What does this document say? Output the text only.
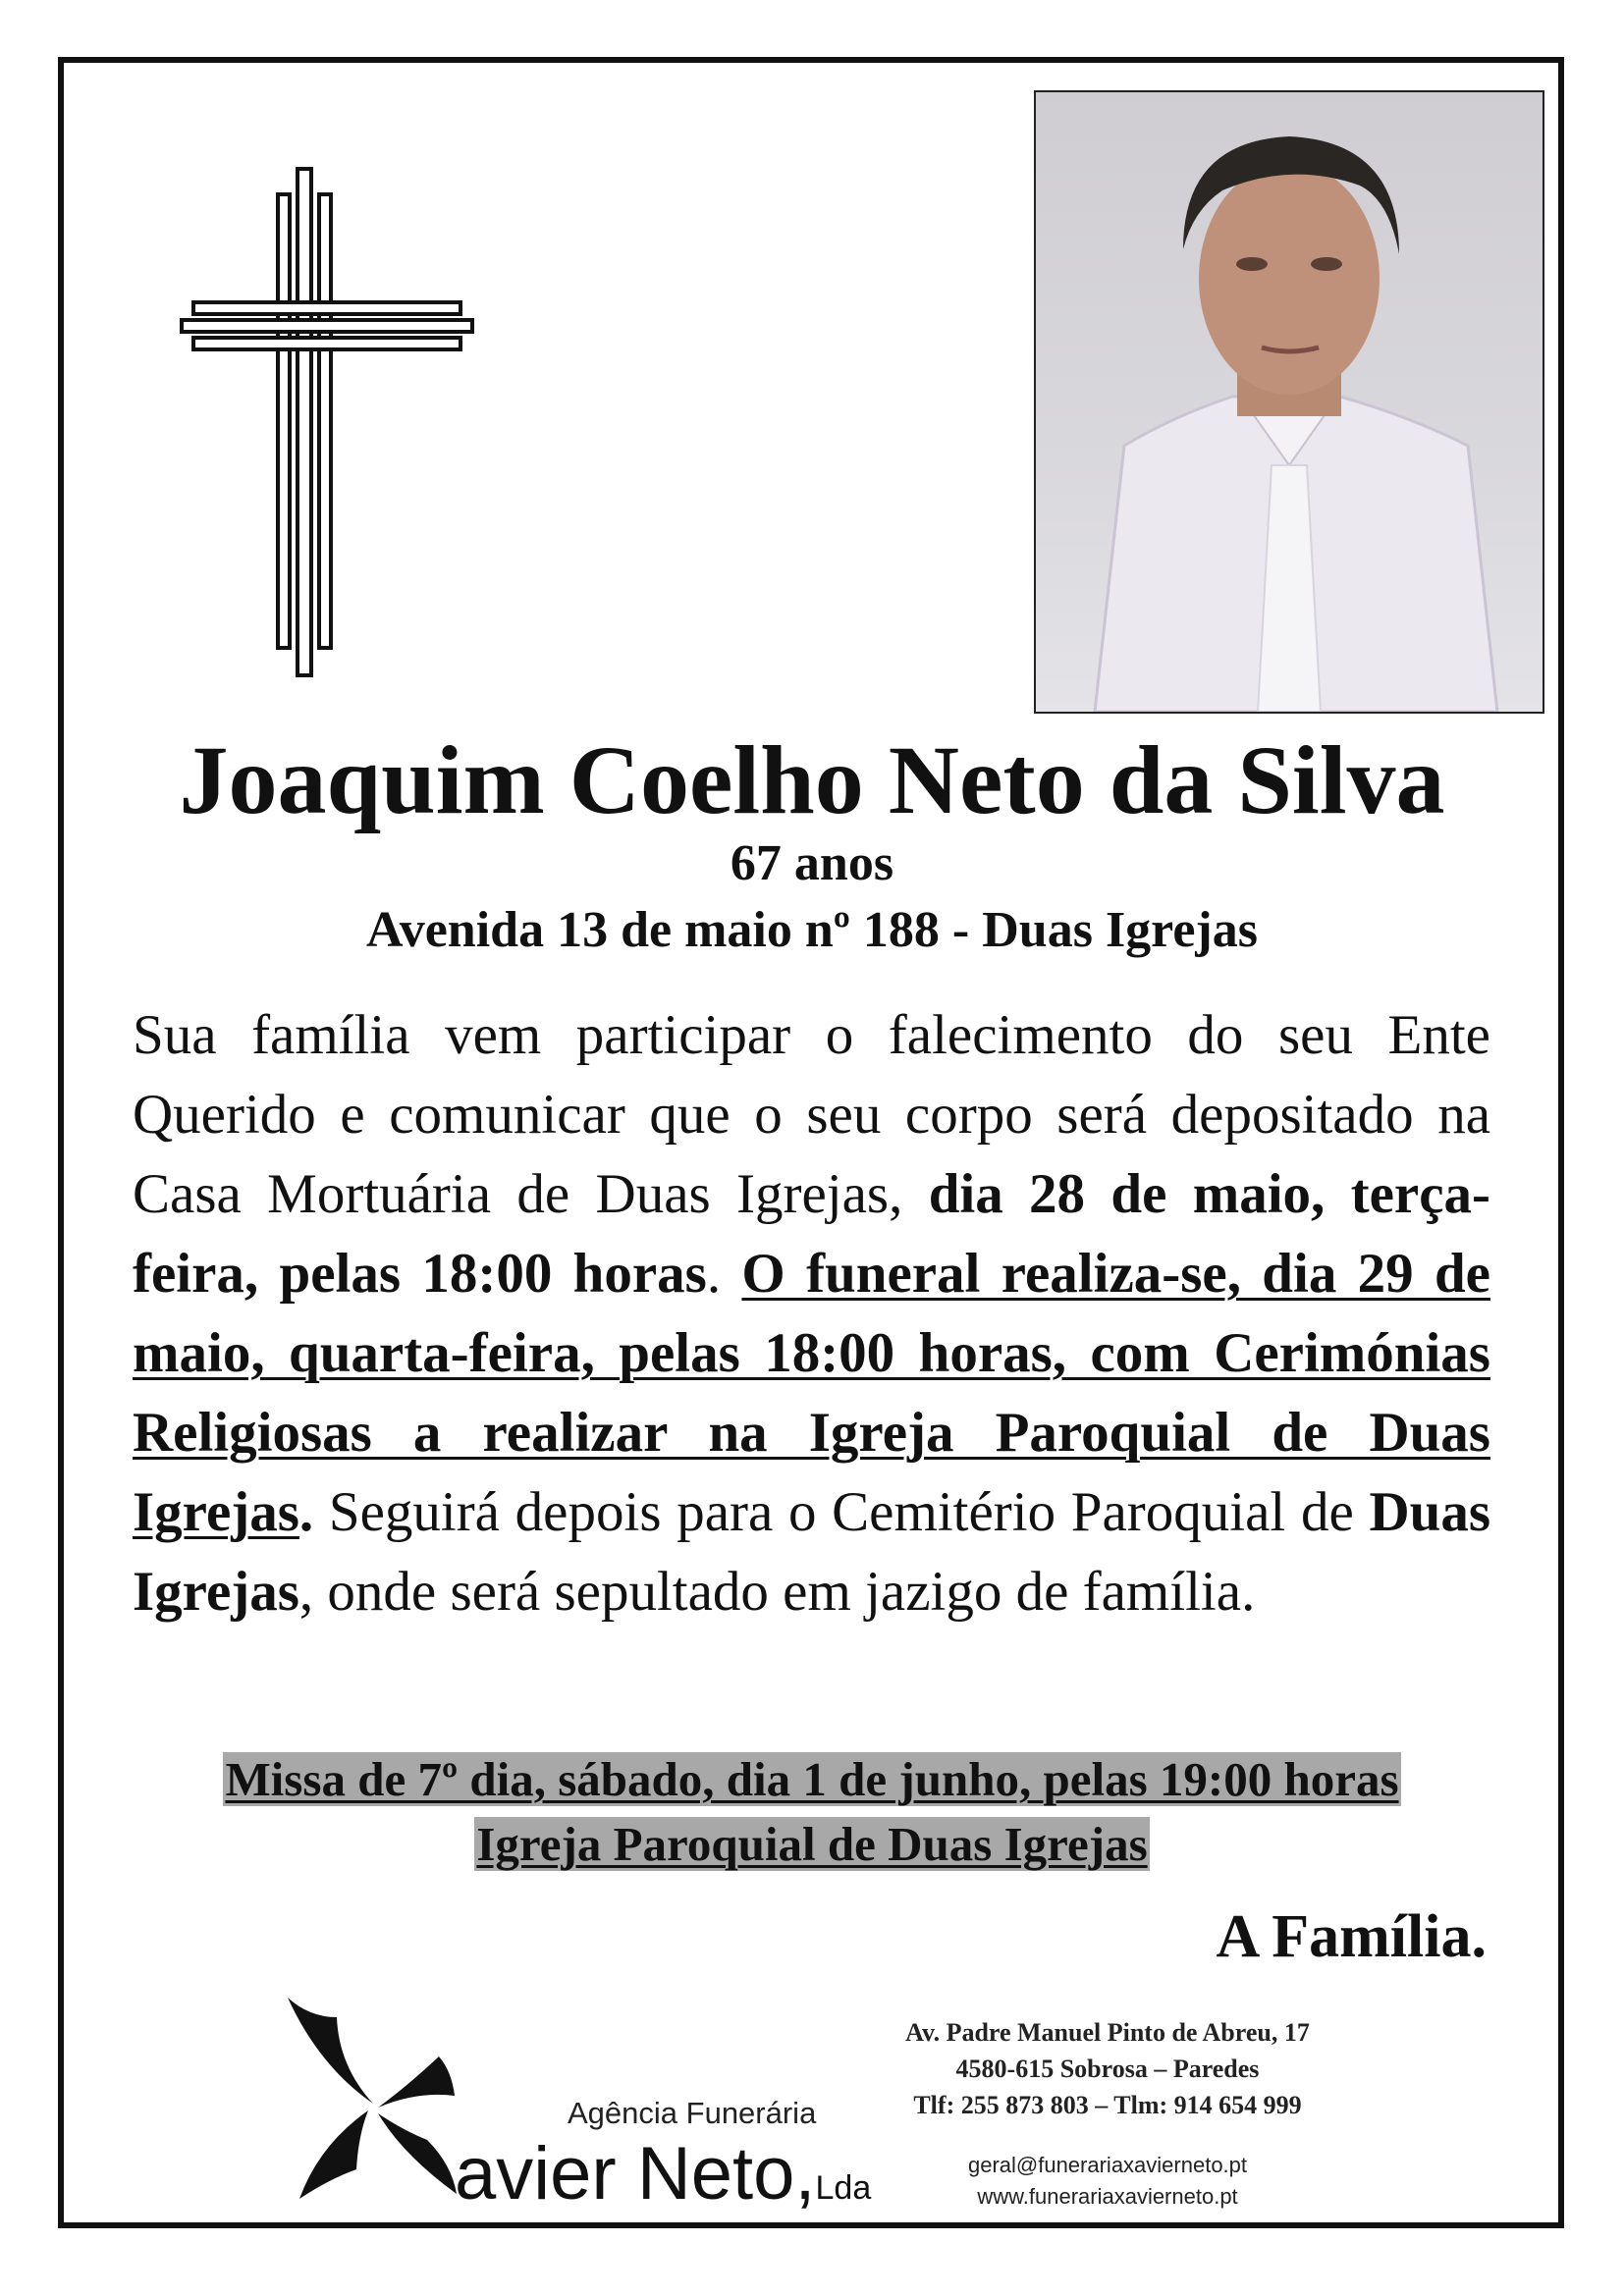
Joaquim Coelho Neto da Silva
67 anos
Avenida 13 de maio nº 188 - Duas Igrejas
Sua família vem participar o falecimento do seu Ente Querido e comunicar que o seu corpo será depositado na Casa Mortuária de Duas Igrejas, dia 28 de maio, terça-feira, pelas 18:00 horas. O funeral realiza-se, dia 29 de maio, quarta-feira, pelas 18:00 horas, com Cerimónias Religiosas a realizar na Igreja Paroquial de Duas Igrejas. Seguirá depois para o Cemitério Paroquial de Duas Igrejas, onde será sepultado em jazigo de família.
Missa de 7º dia, sábado, dia 1 de junho, pelas 19:00 horas
Igreja Paroquial de Duas Igrejas
A Família.
Agência Funerária
avier Neto,Lda
Av. Padre Manuel Pinto de Abreu, 17
4580-615 Sobrosa – Paredes
Tlf: 255 873 803 – Tlm: 914 654 999
geral@funerariaxavierneto.pt
www.funerariaxavierneto.pt
